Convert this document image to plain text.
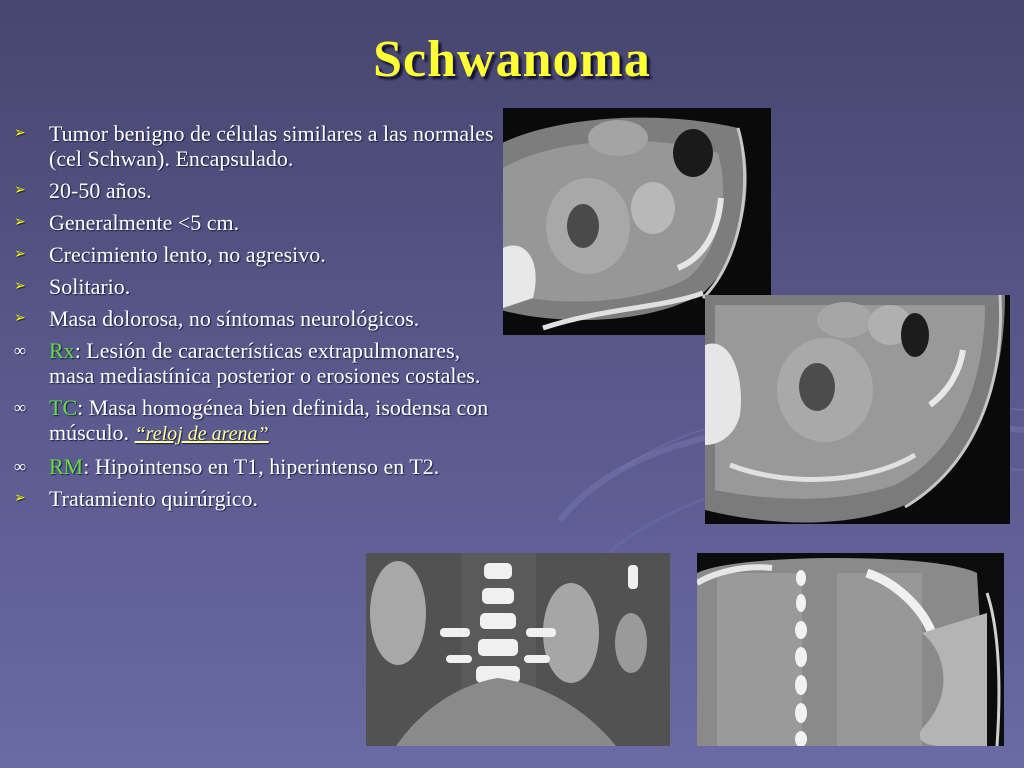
Schwanoma
➢ Tumor benigno de células similares a las normales (cel Schwan). Encapsulado.
➢ 20-50 años.
➢ Generalmente <5 cm.
➢ Crecimiento lento, no agresivo.
➢ Solitario.
➢ Masa dolorosa, no síntomas neurológicos.
∞ Rx: Lesión de características extrapulmonares, masa mediastínica posterior o erosiones costales.
∞ TC: Masa homogénea bien definida, isodensa con músculo. “reloj de arena”
∞ RM: Hipointenso en T1, hiperintenso en T2.
➢ Tratamiento quirúrgico.
